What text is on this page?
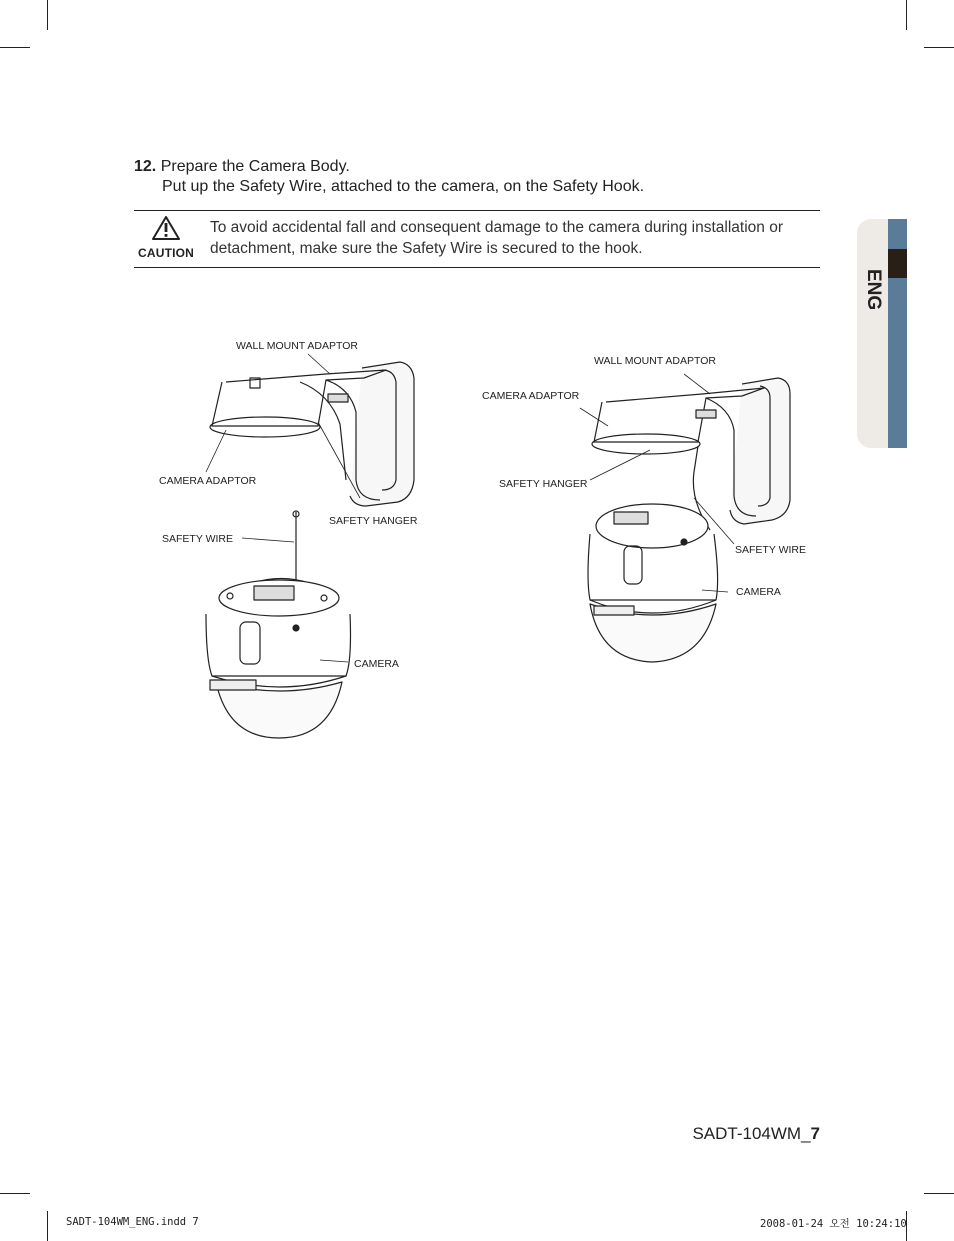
12. Prepare the Camera Body.
Put up the Safety Wire, attached to the camera, on the Safety Hook.
CAUTION
To avoid accidental fall and consequent damage to the camera during installation or detachment, make sure the Safety Wire is secured to the hook.
ENG
WALL MOUNT ADAPTOR
CAMERA ADAPTOR
SAFETY HANGER
SAFETY WIRE
CAMERA
WALL MOUNT ADAPTOR
CAMERA ADAPTOR
SAFETY HANGER
SAFETY WIRE
CAMERA
SADT-104WM_7
SADT-104WM_ENG.indd 7	2008-01-24 오전 10:24:10
